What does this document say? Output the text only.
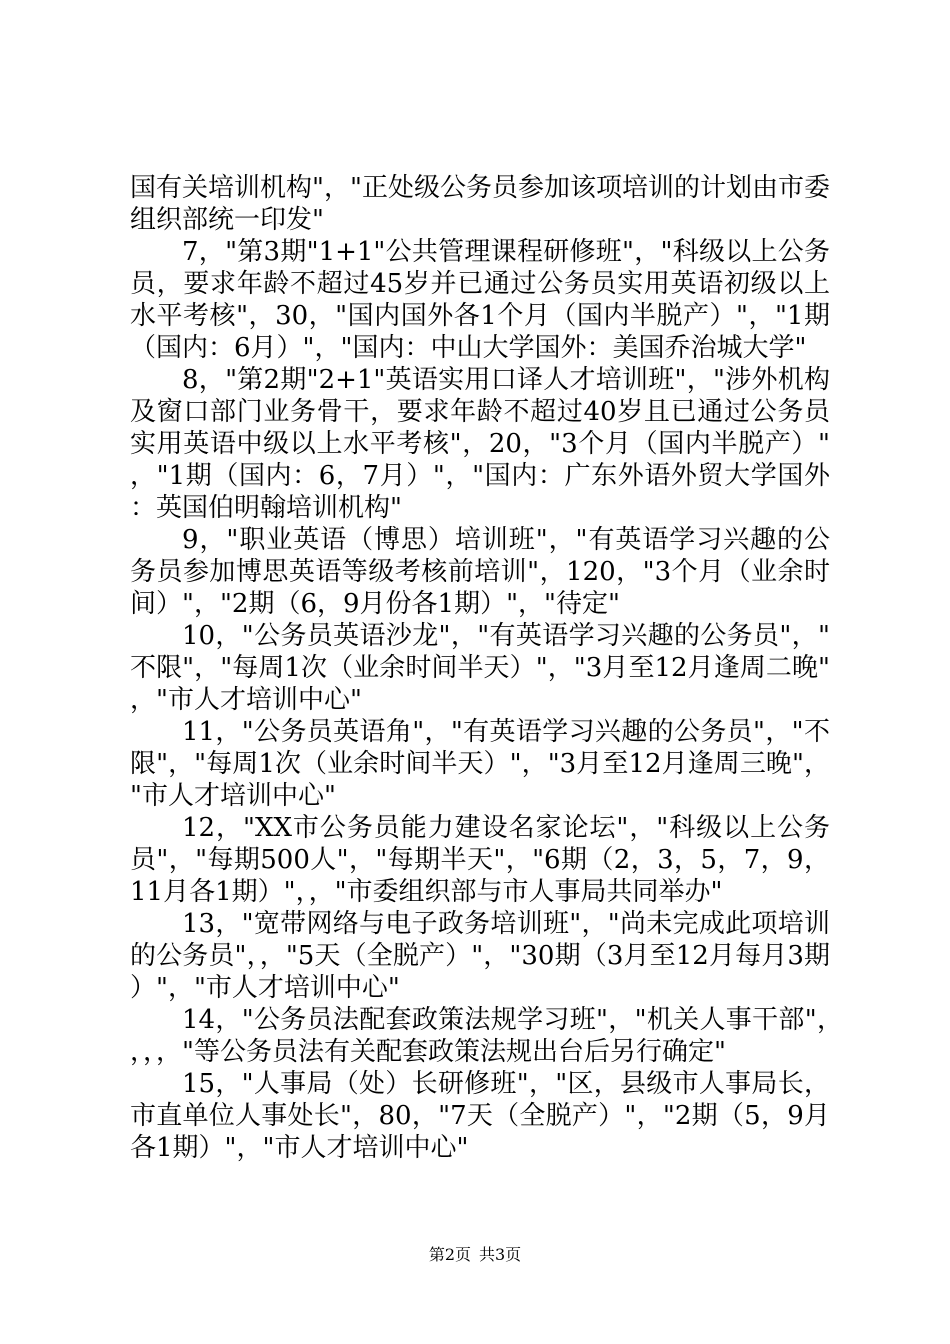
国有关培训机构"，"正处级公务员参加该项培训的计划由市委组织部统一印发"

7，"第3期"1+1"公共管理课程研修班"，"科级以上公务员，要求年龄不超过45岁并已通过公务员实用英语初级以上水平考核"，30，"国内国外各1个月（国内半脱产）"，"1期（国内：6月）"，"国内：中山大学国外：美国乔治城大学"

8，"第2期"2+1"英语实用口译人才培训班"，"涉外机构及窗口部门业务骨干，要求年龄不超过40岁且已通过公务员实用英语中级以上水平考核"，20，"3个月（国内半脱产）"，"1期（国内：6，7月）"，"国内：广东外语外贸大学国外：英国伯明翰培训机构"

9，"职业英语（博思）培训班"，"有英语学习兴趣的公务员参加博思英语等级考核前培训"，120，"3个月（业余时间）"，"2期（6，9月份各1期）"，"待定"

10，"公务员英语沙龙"，"有英语学习兴趣的公务员"，"不限"，"每周1次（业余时间半天）"，"3月至12月逢周二晚"，"市人才培训中心"

11，"公务员英语角"，"有英语学习兴趣的公务员"，"不限"，"每周1次（业余时间半天）"，"3月至12月逢周三晚"，"市人才培训中心"

12，"XX市公务员能力建设名家论坛"，"科级以上公务员"，"每期500人"，"每期半天"，"6期（2，3，5，7，9，11月各1期）"，，"市委组织部与市人事局共同举办"

13，"宽带网络与电子政务培训班"，"尚未完成此项培训的公务员"，，"5天（全脱产）"，"30期（3月至12月每月3期）"，"市人才培训中心"

14，"公务员法配套政策法规学习班"，"机关人事干部"，，，，"等公务员法有关配套政策法规出台后另行确定"

15，"人事局（处）长研修班"，"区，县级市人事局长，市直单位人事处长"，80，"7天（全脱产）"，"2期（5，9月各1期）"，"市人才培训中心"

第2页 共3页
